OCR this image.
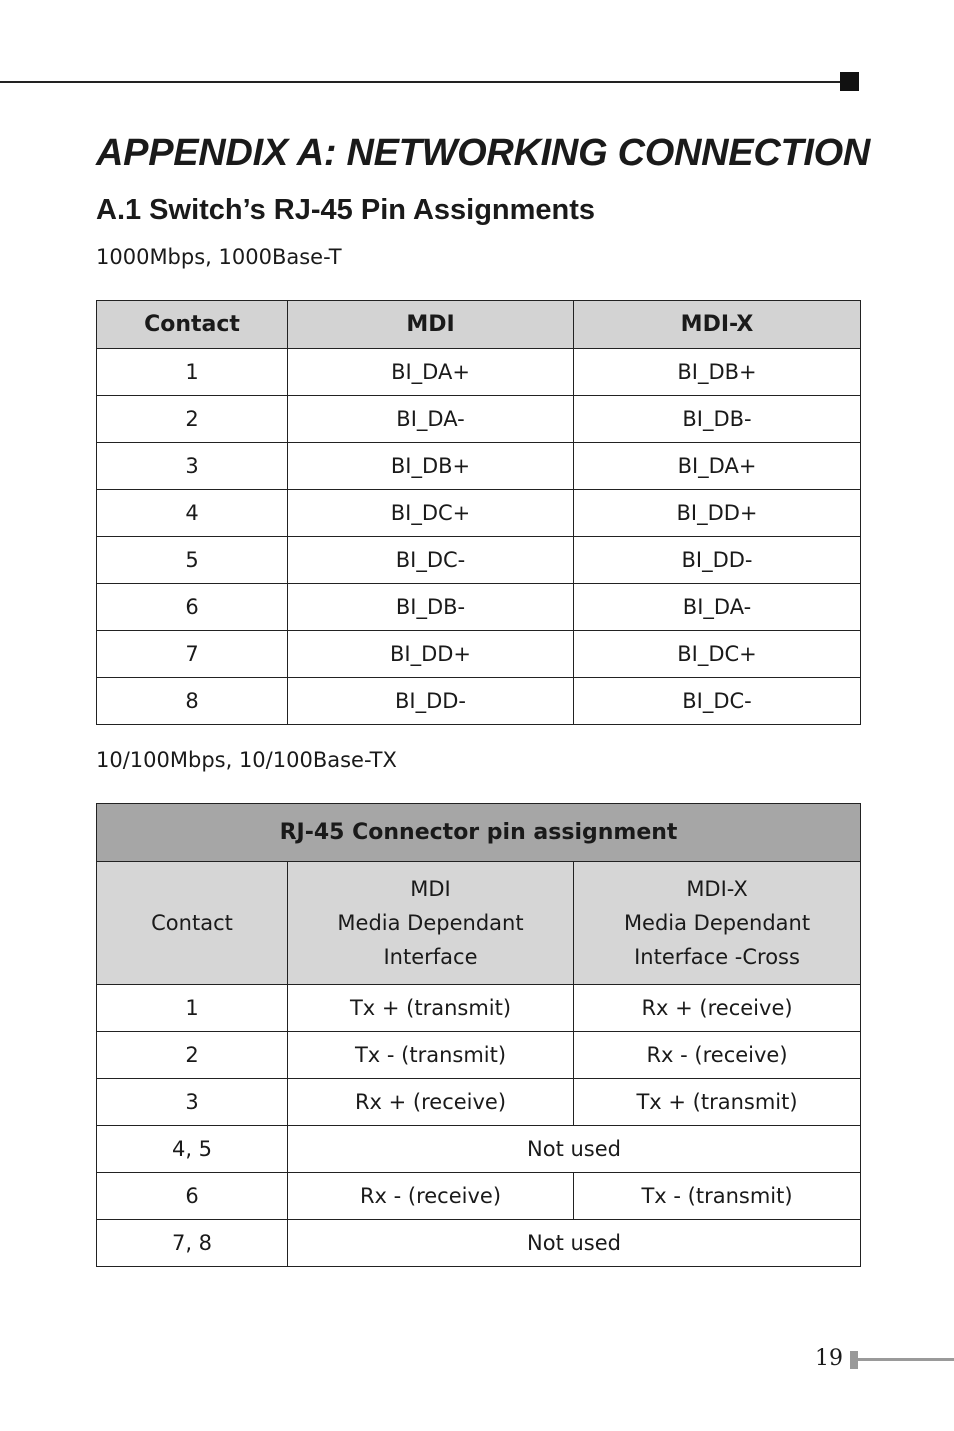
APPENDIX A: NETWORKING CONNECTION
A.1 Switch’s RJ-45 Pin Assignments

1000Mbps, 1000Base-T

Contact	MDI	MDI-X
1	BI_DA+	BI_DB+
2	BI_DA-	BI_DB-
3	BI_DB+	BI_DA+
4	BI_DC+	BI_DD+
5	BI_DC-	BI_DD-
6	BI_DB-	BI_DA-
7	BI_DD+	BI_DC+
8	BI_DD-	BI_DC-

10/100Mbps, 10/100Base-TX

RJ-45 Connector pin assignment		
Contact	MDI
Media Dependant
Interface	MDI-X
Media Dependant
Interface -Cross

1	Tx + (transmit)	Rx + (receive)
2	Tx - (transmit)	Rx - (receive)
3	Rx + (receive)	Tx + (transmit)
4, 5	Not used	
6	Rx - (receive)	Tx - (transmit)
7, 8	Not used	
19
